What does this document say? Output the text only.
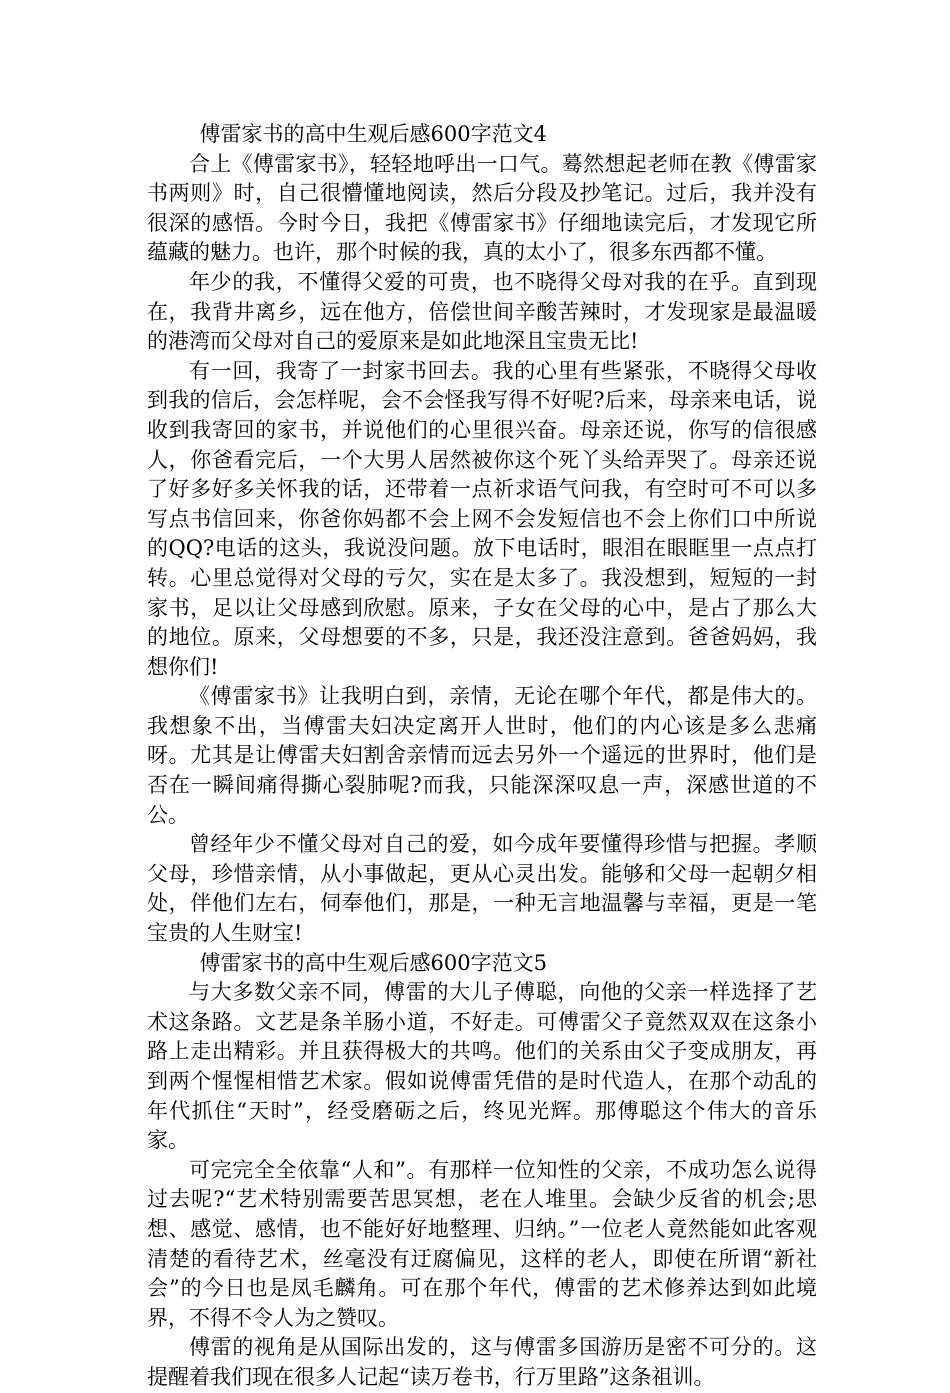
傅雷家书的高中生观后感600字范文4

合上《傅雷家书》，轻轻地呼出一口气。蓦然想起老师在教《傅雷家书两则》时，自己很懵懂地阅读，然后分段及抄笔记。过后，我并没有很深的感悟。今时今日，我把《傅雷家书》仔细地读完后，才发现它所蕴藏的魅力。也许，那个时候的我，真的太小了，很多东西都不懂。

年少的我，不懂得父爱的可贵，也不晓得父母对我的在乎。直到现在，我背井离乡，远在他方，倍偿世间辛酸苦辣时，才发现家是最温暖的港湾而父母对自己的爱原来是如此地深且宝贵无比!

有一回，我寄了一封家书回去。我的心里有些紧张，不晓得父母收到我的信后，会怎样呢，会不会怪我写得不好呢?后来，母亲来电话，说收到我寄回的家书，并说他们的心里很兴奋。母亲还说，你写的信很感人，你爸看完后，一个大男人居然被你这个死丫头给弄哭了。母亲还说了好多好多关怀我的话，还带着一点祈求语气问我，有空时可不可以多写点书信回来，你爸你妈都不会上网不会发短信也不会上你们口中所说的QQ?电话的这头，我说没问题。放下电话时，眼泪在眼眶里一点点打转。心里总觉得对父母的亏欠，实在是太多了。我没想到，短短的一封家书，足以让父母感到欣慰。原来，子女在父母的心中，是占了那么大的地位。原来，父母想要的不多，只是，我还没注意到。爸爸妈妈，我想你们!

《傅雷家书》让我明白到，亲情，无论在哪个年代，都是伟大的。我想象不出，当傅雷夫妇决定离开人世时，他们的内心该是多么悲痛呀。尤其是让傅雷夫妇割舍亲情而远去另外一个遥远的世界时，他们是否在一瞬间痛得撕心裂肺呢?而我，只能深深叹息一声，深感世道的不公。

曾经年少不懂父母对自己的爱，如今成年要懂得珍惜与把握。孝顺父母，珍惜亲情，从小事做起，更从心灵出发。能够和父母一起朝夕相处，伴他们左右，伺奉他们，那是，一种无言地温馨与幸福，更是一笔宝贵的人生财宝!

傅雷家书的高中生观后感600字范文5

与大多数父亲不同，傅雷的大儿子傅聪，向他的父亲一样选择了艺术这条路。文艺是条羊肠小道，不好走。可傅雷父子竟然双双在这条小路上走出精彩。并且获得极大的共鸣。他们的关系由父子变成朋友，再到两个惺惺相惜艺术家。假如说傅雷凭借的是时代造人，在那个动乱的年代抓住“天时”，经受磨砺之后，终见光辉。那傅聪这个伟大的音乐家。

可完完全全依靠“人和”。有那样一位知性的父亲，不成功怎么说得过去呢?“艺术特别需要苦思冥想，老在人堆里。会缺少反省的机会;思想、感觉、感情，也不能好好地整理、归纳。”一位老人竟然能如此客观清楚的看待艺术，丝毫没有迂腐偏见，这样的老人，即使在所谓“新社会”的今日也是凤毛麟角。可在那个年代，傅雷的艺术修养达到如此境界，不得不令人为之赞叹。

傅雷的视角是从国际出发的，这与傅雷多国游历是密不可分的。这提醒着我们现在很多人记起“读万卷书，行万里路”这条祖训。
